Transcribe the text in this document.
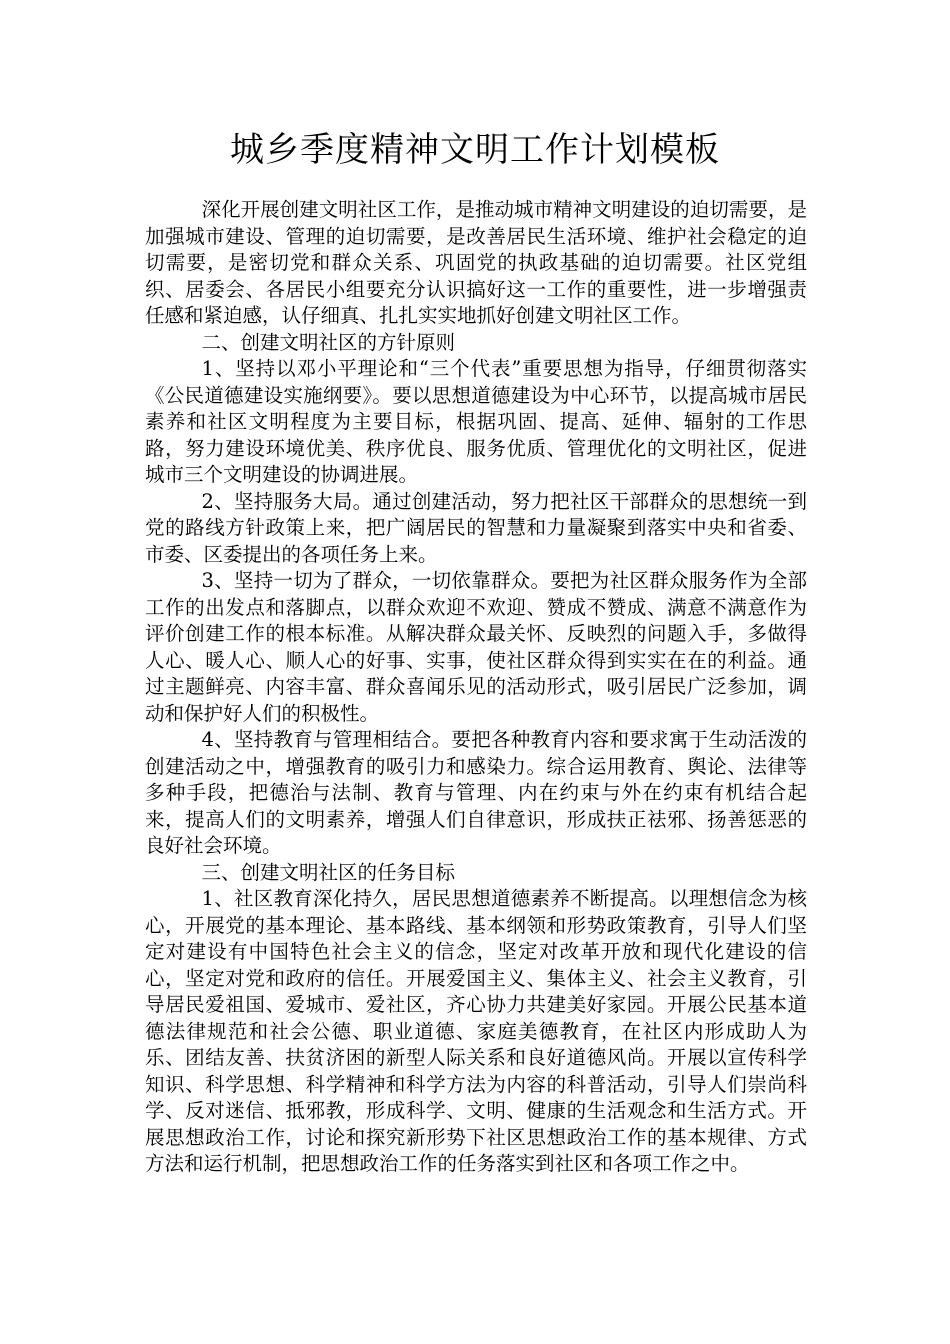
城乡季度精神文明工作计划模板

深化开展创建文明社区工作，是推动城市精神文明建设的迫切需要，是加强城市建设、管理的迫切需要，是改善居民生活环境、维护社会稳定的迫切需要，是密切党和群众关系、巩固党的执政基础的迫切需要。社区党组织、居委会、各居民小组要充分认识搞好这一工作的重要性，进一步增强责任感和紧迫感，认仔细真、扎扎实实地抓好创建文明社区工作。

二、创建文明社区的方针原则

1、坚持以邓小平理论和“三个代表”重要思想为指导，仔细贯彻落实《公民道德建设实施纲要》。要以思想道德建设为中心环节，以提高城市居民素养和社区文明程度为主要目标，根据巩固、提高、延伸、辐射的工作思路，努力建设环境优美、秩序优良、服务优质、管理优化的文明社区，促进城市三个文明建设的协调进展。

2、坚持服务大局。通过创建活动，努力把社区干部群众的思想统一到党的路线方针政策上来，把广阔居民的智慧和力量凝聚到落实中央和省委、市委、区委提出的各项任务上来。

3、坚持一切为了群众，一切依靠群众。要把为社区群众服务作为全部工作的出发点和落脚点，以群众欢迎不欢迎、赞成不赞成、满意不满意作为评价创建工作的根本标准。从解决群众最关怀、反映烈的问题入手，多做得人心、暖人心、顺人心的好事、实事，使社区群众得到实实在在的利益。通过主题鲜亮、内容丰富、群众喜闻乐见的活动形式，吸引居民广泛参加，调动和保护好人们的积极性。

4、坚持教育与管理相结合。要把各种教育内容和要求寓于生动活泼的创建活动之中，增强教育的吸引力和感染力。综合运用教育、舆论、法律等多种手段，把德治与法制、教育与管理、内在约束与外在约束有机结合起来，提高人们的文明素养，增强人们自律意识，形成扶正祛邪、扬善惩恶的良好社会环境。

三、创建文明社区的任务目标

1、社区教育深化持久，居民思想道德素养不断提高。以理想信念为核心，开展党的基本理论、基本路线、基本纲领和形势政策教育，引导人们坚定对建设有中国特色社会主义的信念，坚定对改革开放和现代化建设的信心，坚定对党和政府的信任。开展爱国主义、集体主义、社会主义教育，引导居民爱祖国、爱城市、爱社区，齐心协力共建美好家园。开展公民基本道德法律规范和社会公德、职业道德、家庭美德教育，在社区内形成助人为乐、团结友善、扶贫济困的新型人际关系和良好道德风尚。开展以宣传科学知识、科学思想、科学精神和科学方法为内容的科普活动，引导人们崇尚科学、反对迷信、抵邪教，形成科学、文明、健康的生活观念和生活方式。开展思想政治工作，讨论和探究新形势下社区思想政治工作的基本规律、方式方法和运行机制，把思想政治工作的任务落实到社区和各项工作之中。
